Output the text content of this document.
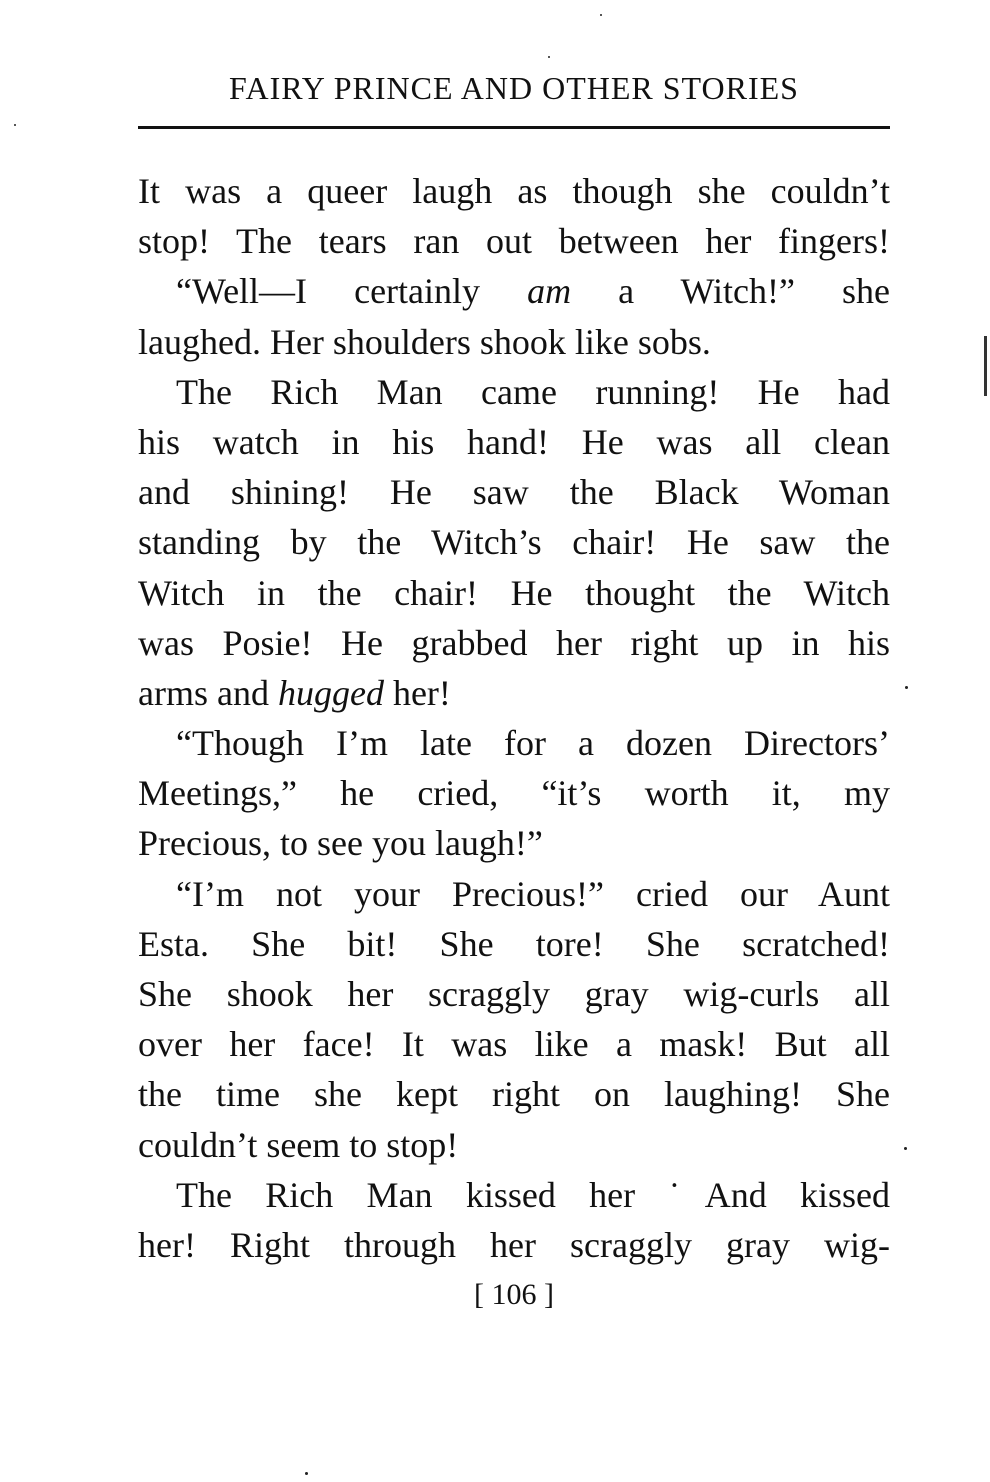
FAIRY PRINCE AND OTHER STORIES
It was a queer laugh as though she couldn’t
stop! The tears ran out between her fingers!
“Well—I certainly am a Witch!” she
laughed. Her shoulders shook like sobs.
The Rich Man came running! He had
his watch in his hand! He was all clean
and shining! He saw the Black Woman
standing by the Witch’s chair! He saw the
Witch in the chair! He thought the Witch
was Posie! He grabbed her right up in his
arms and hugged her!
“Though I’m late for a dozen Directors’
Meetings,” he cried, “it’s worth it, my
Precious, to see you laugh!”
“I’m not your Precious!” cried our Aunt
Esta. She bit! She tore! She scratched!
She shook her scraggly gray wig-curls all
over her face! It was like a mask! But all
the time she kept right on laughing! She
couldn’t seem to stop!
The Rich Man kissed her ˙And kissed
her! Right through her scraggly gray wig-
[ 106 ]
